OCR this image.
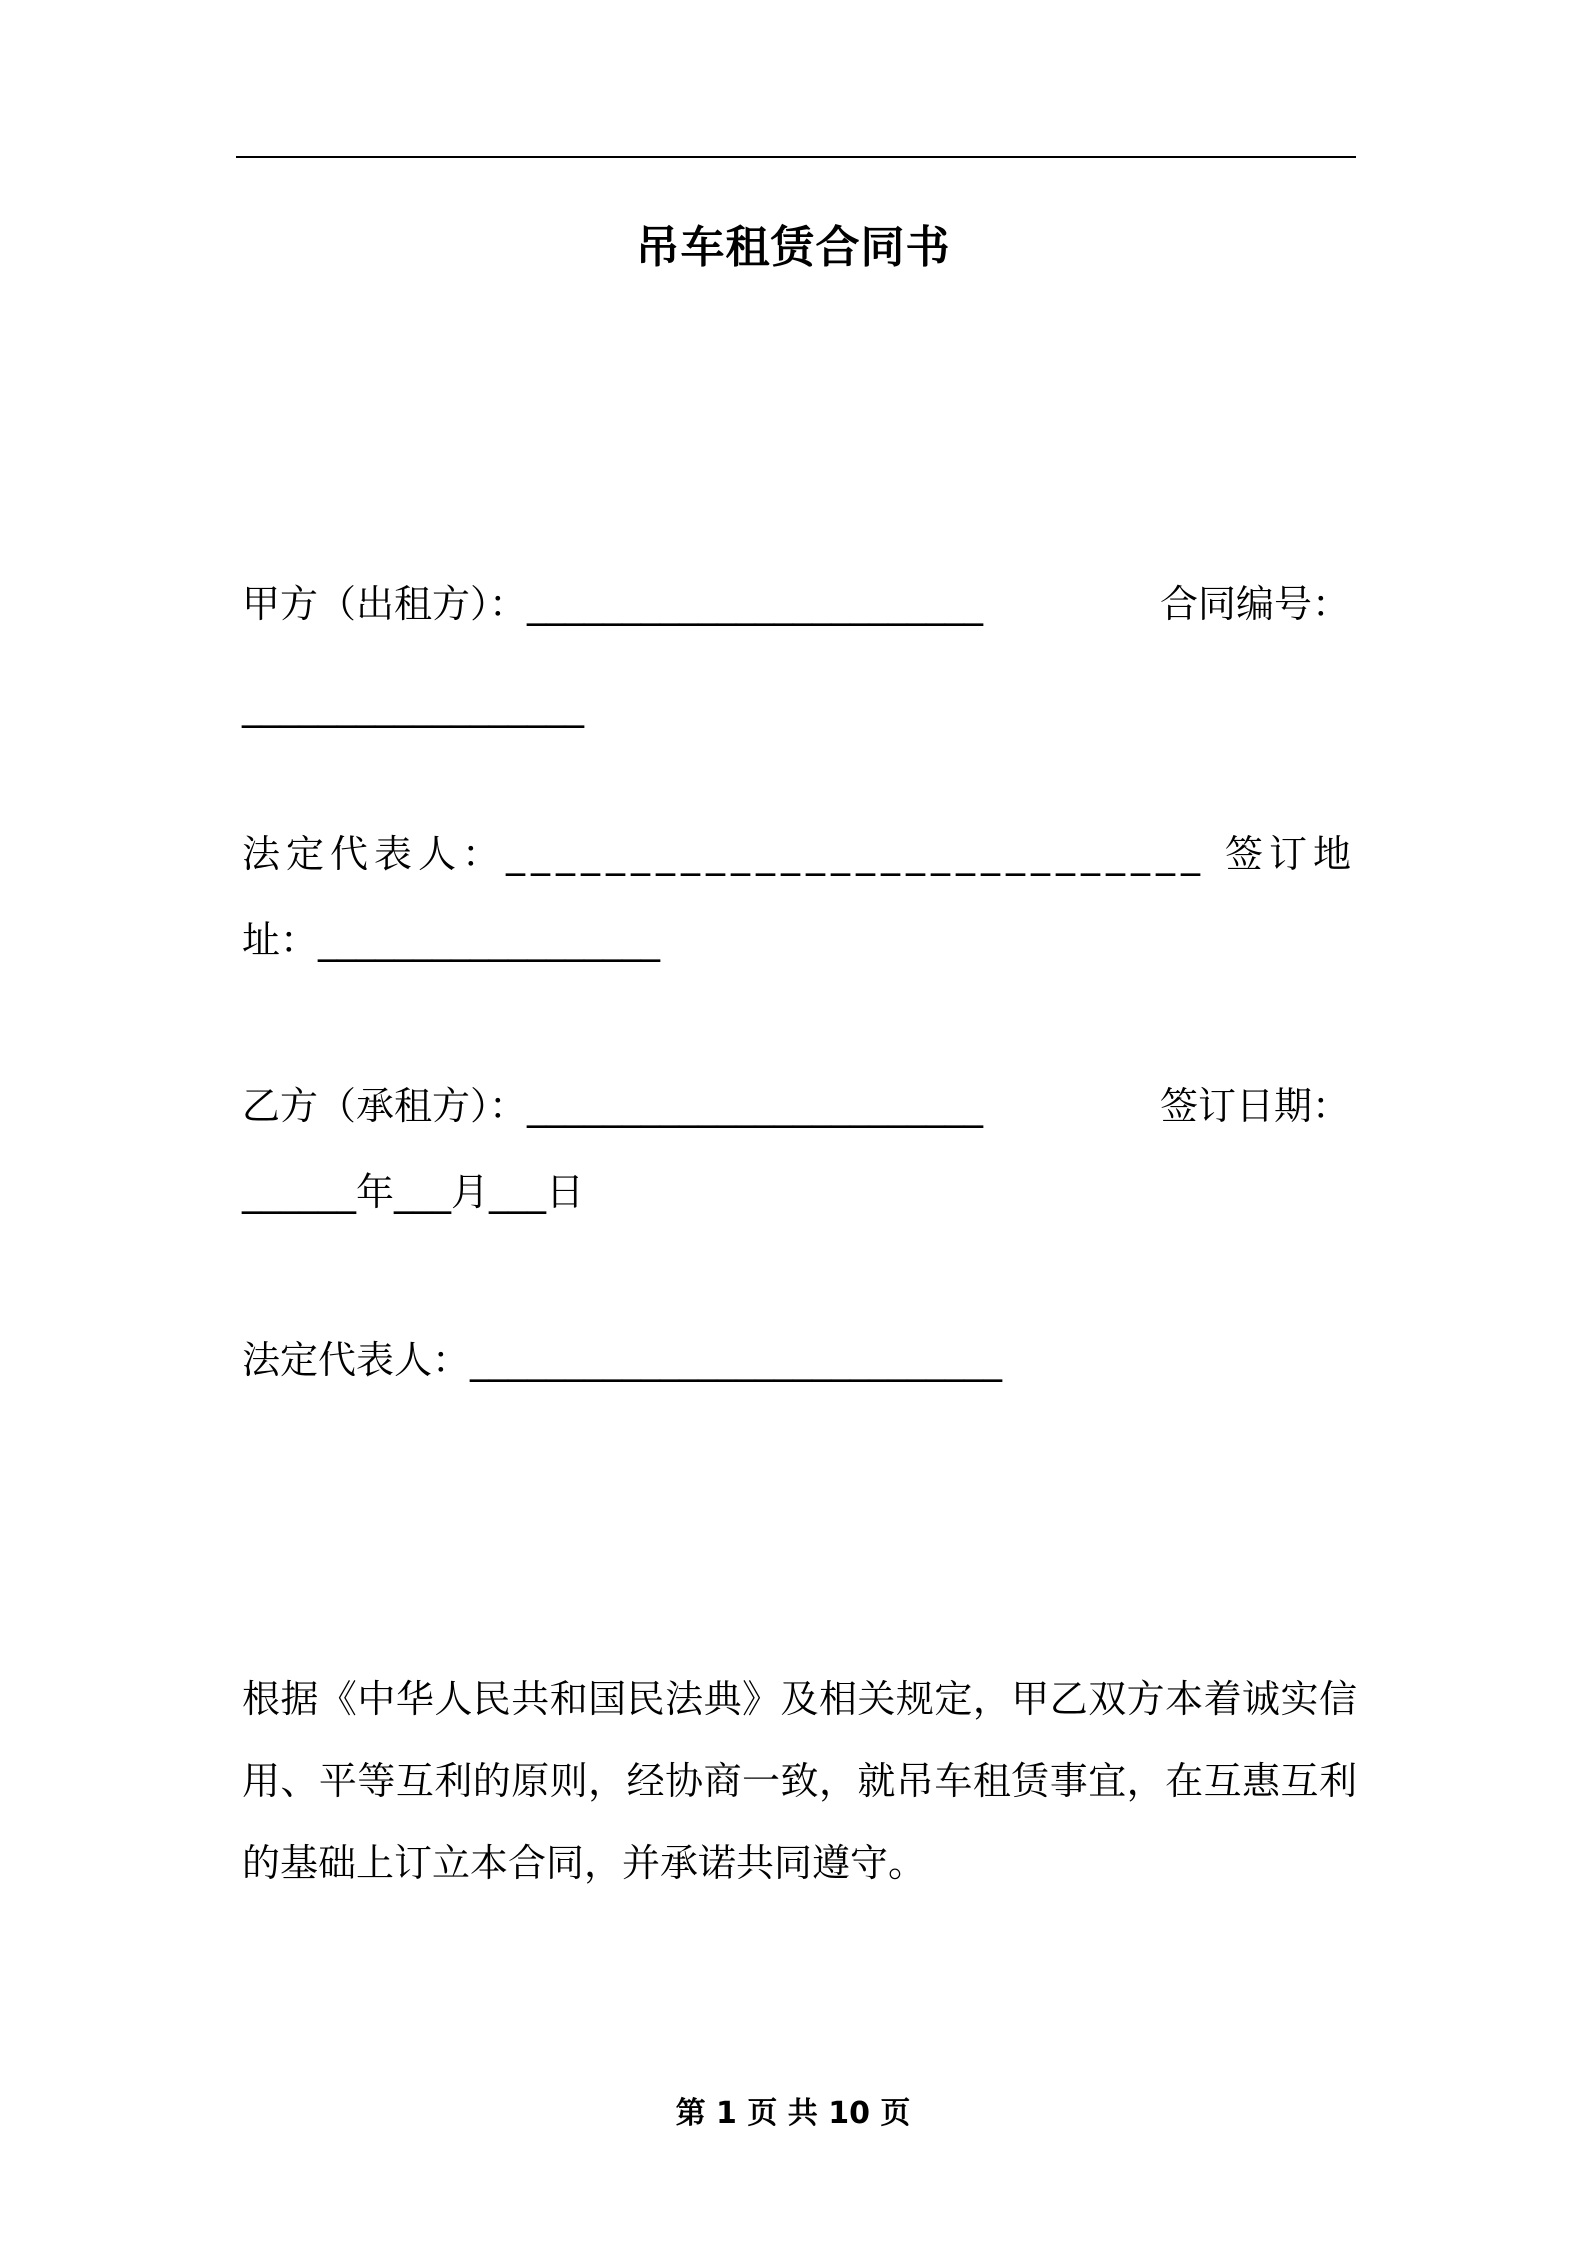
吊车租赁合同书
甲方（出租方）：________________________	合同编号：
__________________
法定代表人：____________________________ 签订地
址：__________________
乙方（承租方）：________________________	签订日期：
______年___月___日
法定代表人：____________________________
根据《中华人民共和国民法典》及相关规定，甲乙双方本着诚实信用、平等互利的原则，经协商一致，就吊车租赁事宜，在互惠互利的基础上订立本合同，并承诺共同遵守。
第 1 页 共 10 页
